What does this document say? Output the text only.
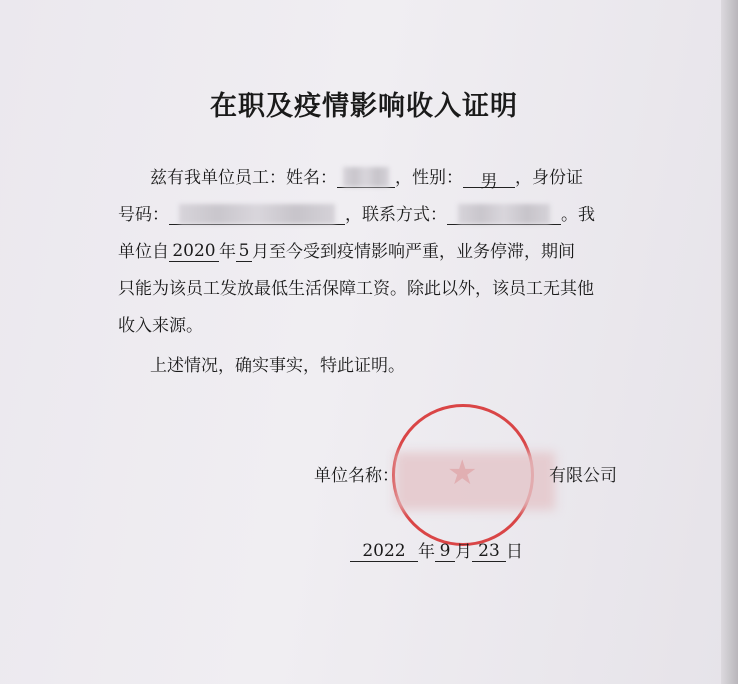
在职及疫情影响收入证明
兹有我单位员工：姓名：	，性别： 男 ，身份证
号码：	，联系方式：	。我
单位自 2020 年 5 月至今受到疫情影响严重，业务停滞，期间
只能为该员工发放最低生活保障工资。除此以外，该员工无其他
收入来源。
上述情况，确实事实，特此证明。
单位名称：	有限公司
2022 年 9 月 23 日
